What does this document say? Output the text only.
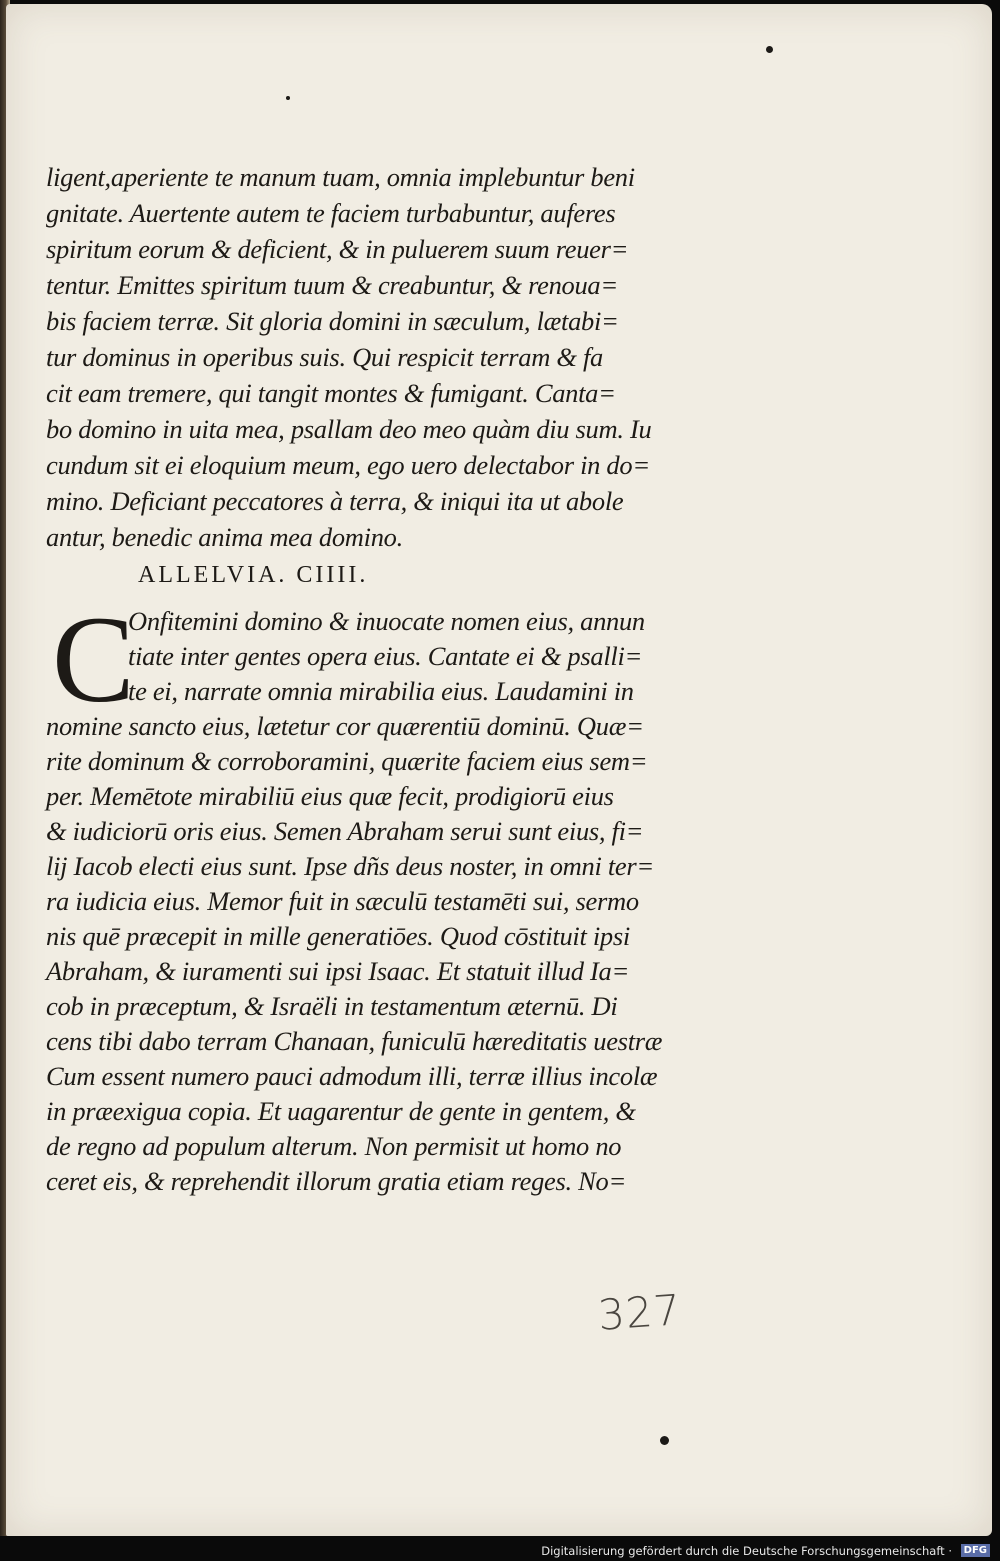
ligent,aperiente te manum tuam, omnia implebuntur beni
gnitate. Auertente autem te faciem turbabuntur, auferes
spiritum eorum & deficient, & in puluerem suum reuer=
tentur. Emittes spiritum tuum & creabuntur, & renoua=
bis faciem terræ. Sit gloria domini in sæculum, lætabi=
tur dominus in operibus suis. Qui respicit terram & fa
cit eam tremere, qui tangit montes & fumigant. Canta=
bo domino in uita mea, psallam deo meo quàm diu sum. Iu
cundum sit ei eloquium meum, ego uero delectabor in do=
mino. Deficiant peccatores à terra, & iniqui ita ut abole
antur, benedic anima mea domino.
ALLELVIA. CIIII.
C
Onfitemini domino & inuocate nomen eius, annun
tiate inter gentes opera eius. Cantate ei & psalli=
te ei, narrate omnia mirabilia eius. Laudamini in
nomine sancto eius, lætetur cor quærentiū dominū. Quæ=
rite dominum & corroboramini, quærite faciem eius sem=
per. Memētote mirabiliū eius quæ fecit, prodigiorū eius
& iudiciorū oris eius. Semen Abraham serui sunt eius, fi=
lij Iacob electi eius sunt. Ipse dñs deus noster, in omni ter=
ra iudicia eius. Memor fuit in sæculū testamēti sui, sermo
nis quē præcepit in mille generatiōes. Quod cōstituit ipsi
Abraham, & iuramenti sui ipsi Isaac. Et statuit illud Ia=
cob in præceptum, & Israëli in testamentum æternū. Di
cens tibi dabo terram Chanaan, funiculū hæreditatis uestræ
Cum essent numero pauci admodum illi, terræ illius incolæ
in præexigua copia. Et uagarentur de gente in gentem, &
de regno ad populum alterum. Non permisit ut homo no
ceret eis, & reprehendit illorum gratia etiam reges. No=
327
Digitalisierung gefördert durch die Deutsche Forschungsgemeinschaft ·	DFG
